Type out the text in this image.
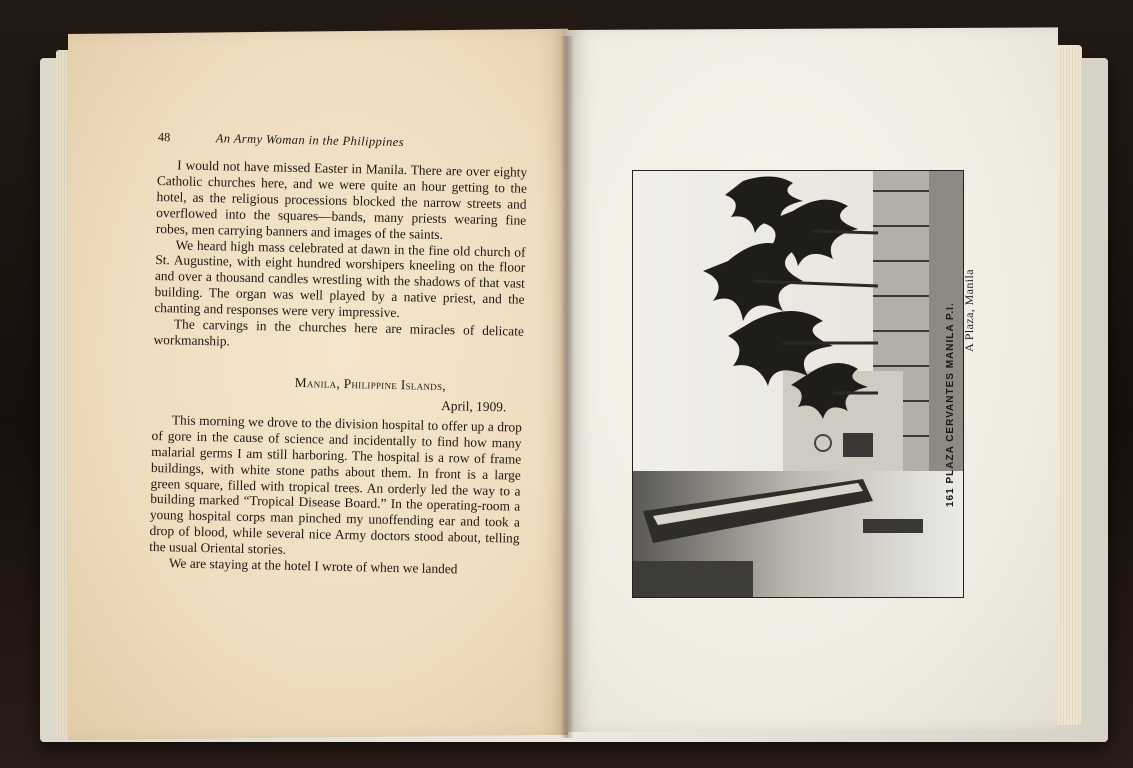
48	An Army Woman in the Philippines

I would not have missed Easter in Manila. There are over eighty Catholic churches here, and we were quite an hour getting to the hotel, as the religious processions blocked the narrow streets and overflowed into the squares—bands, many priests wearing fine robes, men carrying banners and images of the saints.

We heard high mass celebrated at dawn in the fine old church of St. Augustine, with eight hundred worshipers kneeling on the floor and over a thousand candles wrestling with the shadows of that vast building. The organ was well played by a native priest, and the chanting and responses were very impressive.

The carvings in the churches here are miracles of delicate workmanship.

Manila, Philippine Islands,

April, 1909.

This morning we drove to the division hospital to offer up a drop of gore in the cause of science and incidentally to find how many malarial germs I am still harboring. The hospital is a row of frame buildings, with white stone paths about them. In front is a large green square, filled with tropical trees. An orderly led the way to a building marked “Tropical Disease Board.” In the operating-room a young hospital corps man pinched my unoffending ear and took a drop of blood, while several nice Army doctors stood about, telling the usual Oriental stories.

We are staying at the hotel I wrote of when we landed

161 PLAZA CERVANTES MANILA P.I. A Plaza, Manila
